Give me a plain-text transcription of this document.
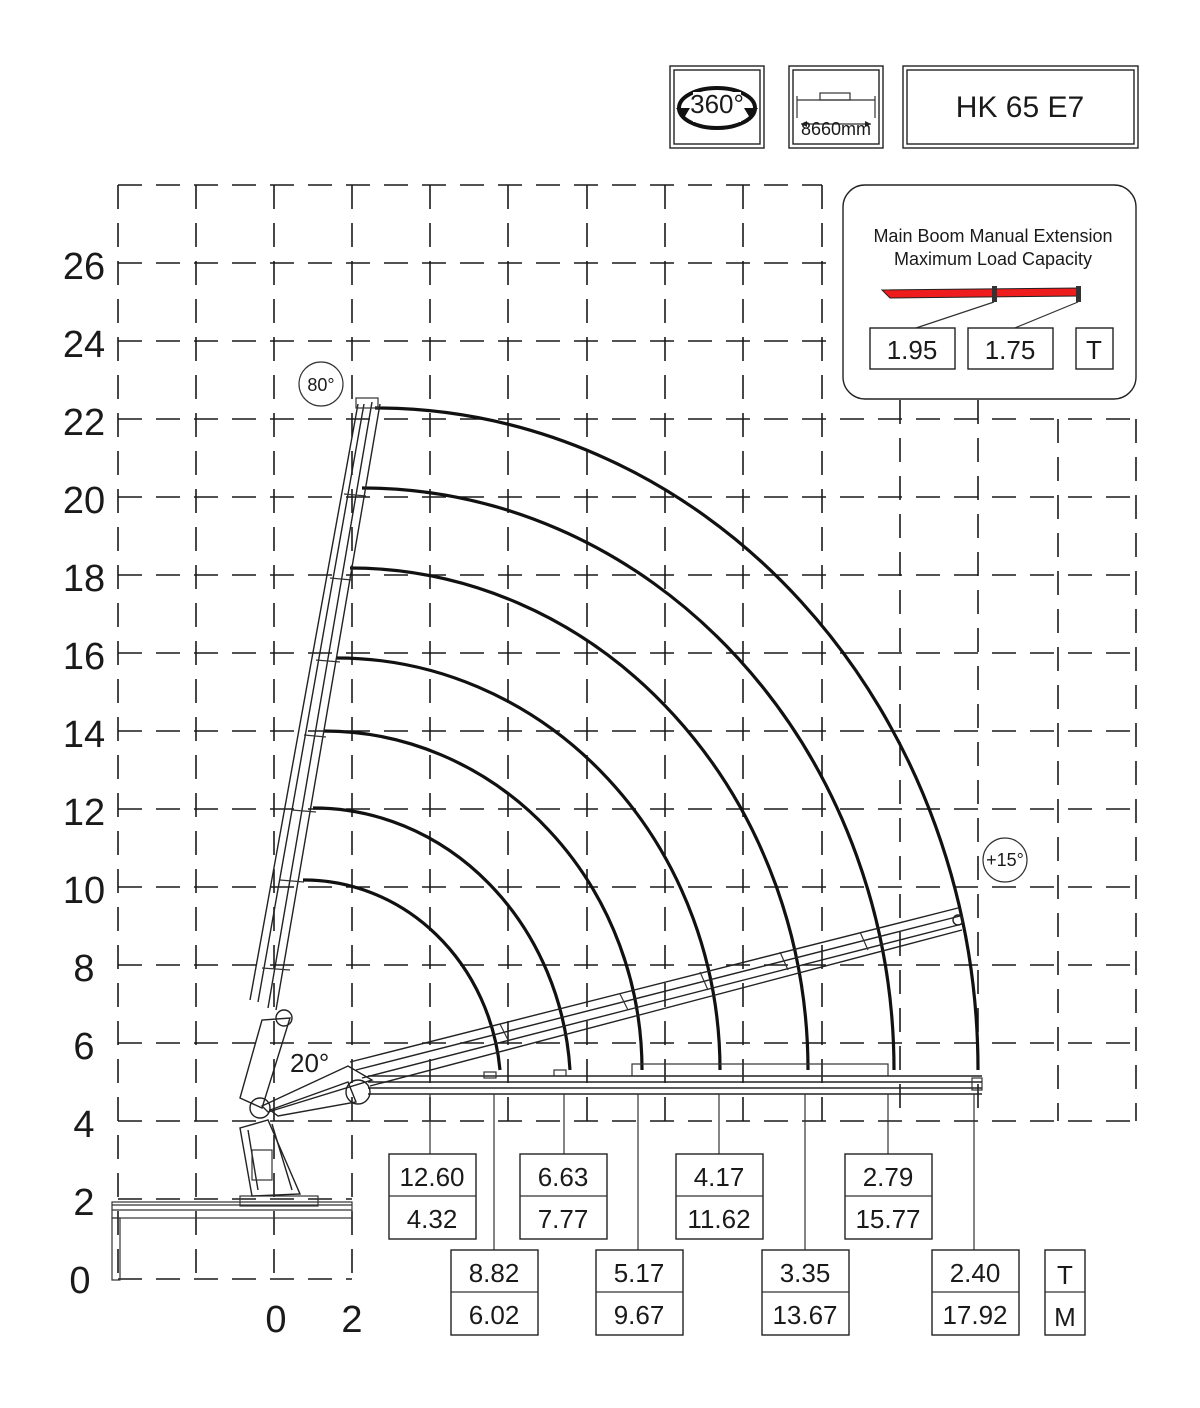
360°
8660mm
HK 65 E7
0
2
4
6
8
10
12
14
16
18
20
22
24
26
0 2
80°
20°
+15°
Main Boom Manual Extension
Maximum Load Capacity
1.95 1.75 T
12.60
4.32
6.63
7.77
4.17
11.62
2.79
15.77
8.82
6.02
5.17
9.67
3.35
13.67
2.40
17.92
T
M
